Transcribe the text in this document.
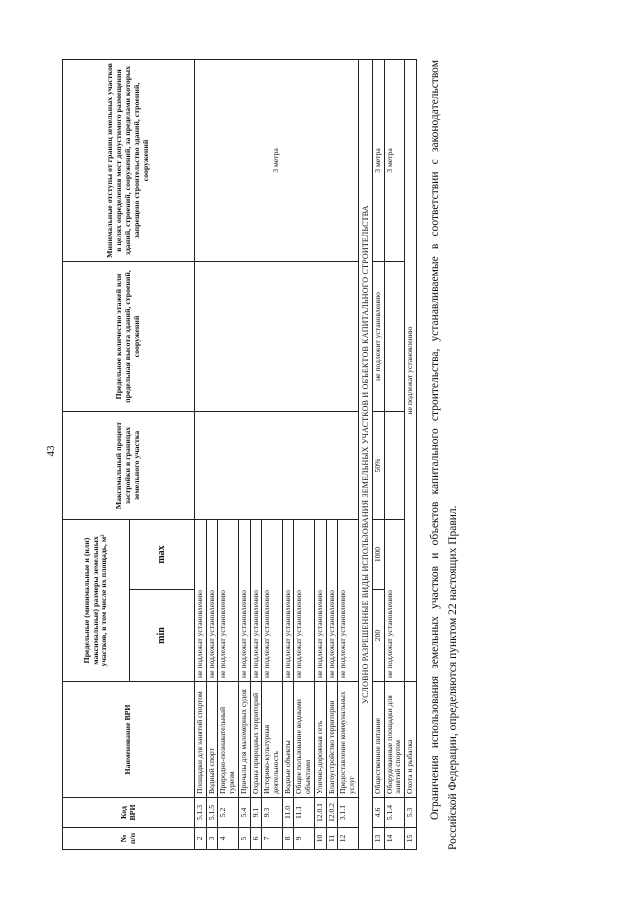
43
№ п/п	Код ВРИ	Наименование ВРИ	Предельные (минимальные и (или) максимальные) размеры земельных участков, в том числе их площадь, м²		Максимальный процент застройки в границах земельного участка	Предельное количество этажей или предельная высота зданий, строений, сооружений	Минимальные отступы от границ земельных участков в целях определения мест допустимого размещения зданий, строений, сооружений, за пределами которых запрещено строительство зданий, строений, сооружений
			min	max			
2	5.1.3	Площадки для занятий спортом	не подлежат установлению				3 метра
3	5.1.5	Водный спорт	не подлежат установлению				
4	5.2	Природно-познавательный туризм	не подлежат установлению				
5	5.4	Причалы для маломерных судов	не подлежат установлению				
6	9.1	Охрана природных территорий	не подлежат установлению				
7	9.3	Историко-культурная деятельность	не подлежат установлению				
8	11.0	Водные объекты	не подлежат установлению				
9	11.1	Общее пользование водными объектами	не подлежат установлению				
10	12.0.1	Улично-дорожная сеть	не подлежат установлению				
11	12.0.2	Благоустройство территории	не подлежат установлению				
12	3.1.1	Предоставление коммунальных услуг	не подлежат установлению				
УСЛОВНО РАЗРЕШЕННЫЕ ВИДЫ ИСПОЛЬЗОВАНИЯ ЗЕМЕЛЬНЫХ УЧАСТКОВ И ОБЪЕКТОВ КАПИТАЛЬНОГО СТРОИТЕЛЬСТВА							
13	4.6	Общественное питание	200	1000	50%	не подлежит установлению	3 метра
14	5.1.4	Оборудованные площадки для занятий спортом	не подлежат установлению				3 метра
15	5.3	Охота и рыбалка	не подлежат установлению				Ограничения использования земельных участков и объектов капитального строительства, устанавливаемые в соответствии с законодательством Российской Федерации, определяются пунктом 22 настоящих Правил.
